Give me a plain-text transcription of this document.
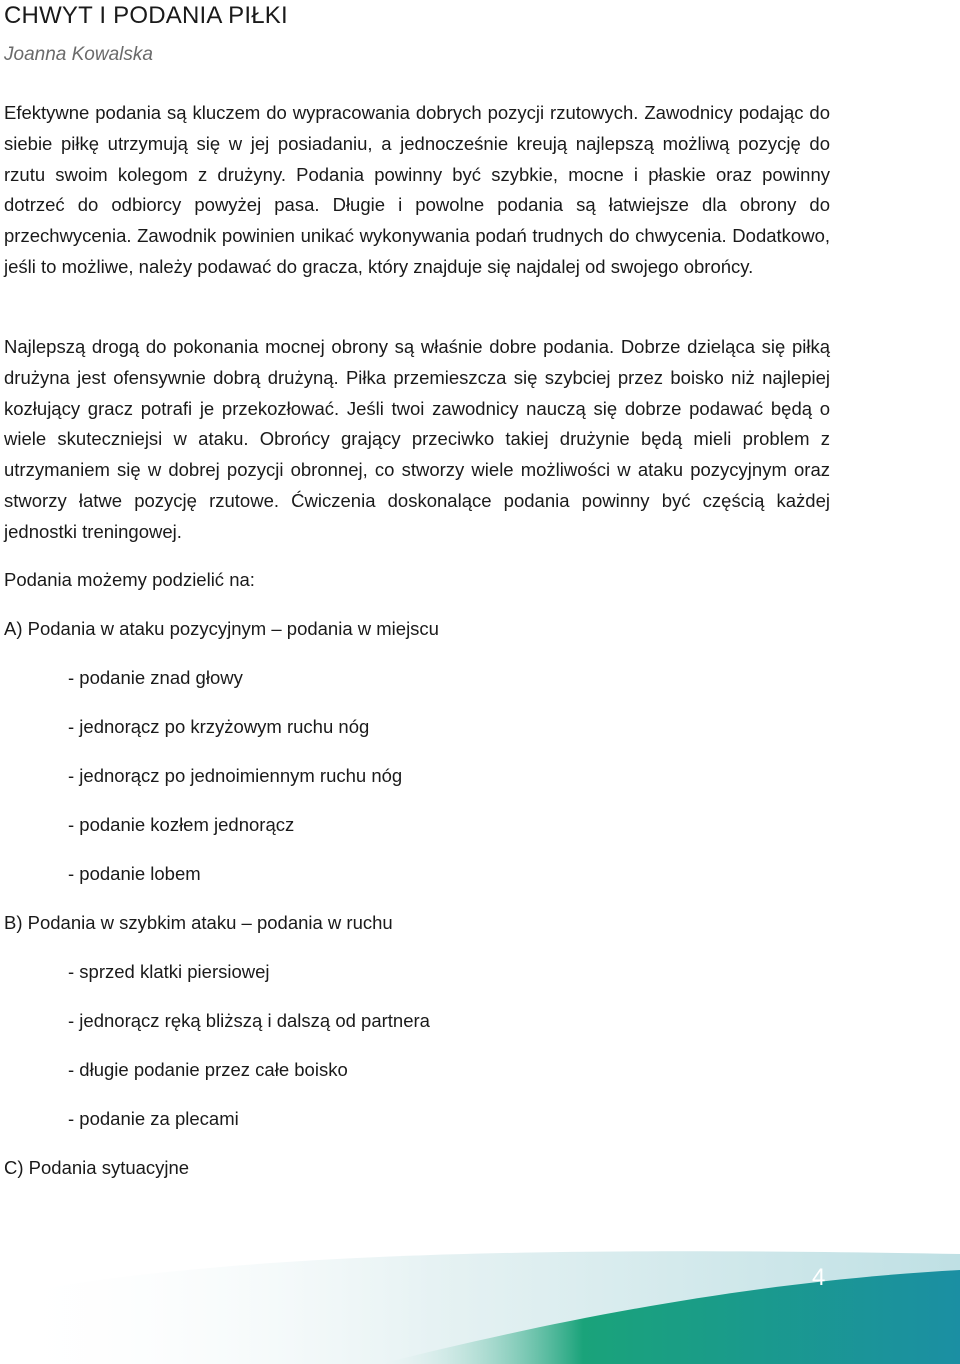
CHWYT I PODANIA PIŁKI
Joanna Kowalska
Efektywne podania są kluczem do wypracowania dobrych pozycji rzutowych. Zawodnicy podając do siebie piłkę utrzymują się w jej posiadaniu, a jednocześnie kreują najlepszą możliwą pozycję do rzutu swoim kolegom z drużyny. Podania powinny być szybkie, mocne i płaskie oraz powinny dotrzeć do odbiorcy powyżej pasa. Długie i powolne podania są łatwiejsze dla obrony do przechwycenia. Zawodnik powinien unikać wykonywania podań trudnych do chwycenia. Dodatkowo, jeśli to możliwe, należy podawać do gracza, który znajduje się najdalej od swojego obrońcy.
Najlepszą drogą do pokonania mocnej obrony są właśnie dobre podania. Dobrze dzieląca się piłką drużyna jest ofensywnie dobrą drużyną. Piłka przemieszcza się szybciej przez boisko niż najlepiej kozłujący gracz potrafi je przekozłować. Jeśli twoi zawodnicy nauczą się dobrze podawać będą o wiele skuteczniejsi w ataku. Obrońcy grający przeciwko takiej drużynie będą mieli problem z utrzymaniem się w dobrej pozycji obronnej, co stworzy wiele możliwości w ataku pozycyjnym oraz stworzy łatwe pozycję rzutowe. Ćwiczenia doskonalące podania powinny być częścią każdej jednostki treningowej.
Podania możemy podzielić na:
A) Podania w ataku pozycyjnym – podania w miejscu
- podanie znad głowy
- jednorącz po krzyżowym ruchu nóg
- jednorącz po jednoimiennym ruchu nóg
- podanie kozłem jednorącz
- podanie lobem
B) Podania w szybkim ataku – podania w ruchu
- sprzed klatki piersiowej
- jednorącz ręką bliższą i dalszą od partnera
- długie podanie przez całe boisko
- podanie za plecami
C) Podania sytuacyjne
4
